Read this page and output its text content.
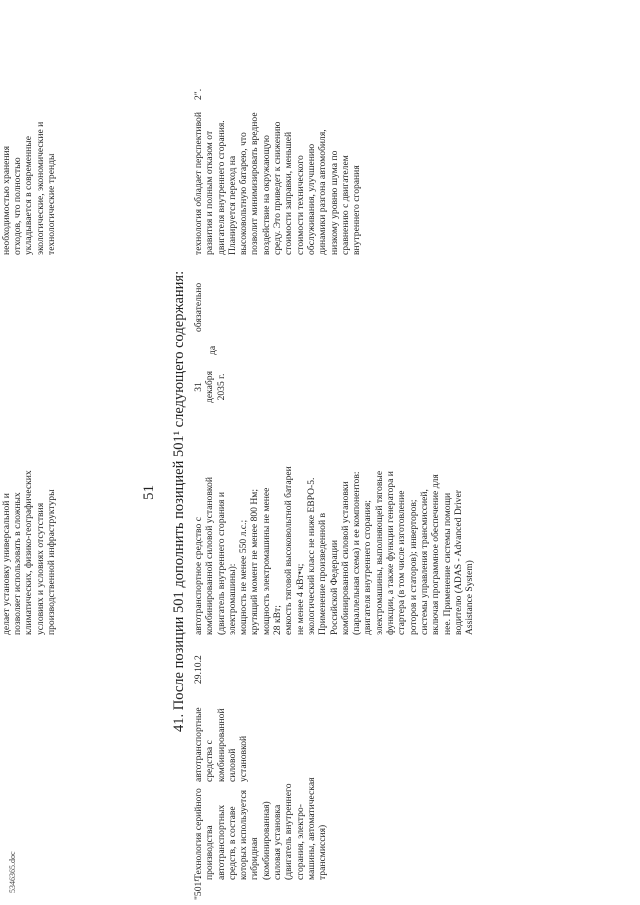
51
делает установку универсальной и позволяет использовать в сложных климатических, физико-географических условиях и условиях отсутствия производственной инфраструктуры
необходимостью хранения отходов, что полностью укладывается в современные экологические, экономические и технологические тренды
41. После позиции 501 дополнить позицией 501¹ следующего содержания:
"501¹.
Технология серийного производства автотранспортных средств, в составе которых используется гибридная (комбинированная) силовая установка (двигатель внутреннего сгорания, электро- машины, автоматическая трансмиссия)
автотранспортные средства с комбинированной силовой установкой
29.10.2
автотранспортное средство с комбинированной силовой установкой (двигатель внутреннего сгорания и электромашины): мощность не менее 550 л.с.; крутящий момент не менее 800 Нм; мощность электромашины не менее 28 кВт; емкость тяговой высоковольтной батареи не менее 4 кВт•ч; экологический класс не ниже ЕВРО-5. Применение произведенной в Российской Федерации комбинированной силовой установки (параллельная схема) и ее компонентов: двигателя внутреннего сгорания; электромашины, выполняющей тяговые функции, а также функции генератора и стартера (в том числе изготовление роторов и статоров); инверторов; системы управления трансмиссией, включая программное обеспечение для нее. Применение системы помощи водителю (ADAS - Advanced Driver Assistance System)
31 декабря 2035 г.
да
обязательно
технология обладает перспективой развития и полным отказом от двигателя внутреннего сгорания. Планируется переход на высоковольтную батарею, что позволит минимизировать вредное воздействие на окружающую среду. Это приведет к снижению стоимости заправки, меньшей стоимости технического обслуживания, улучшению динамики разгона автомобиля, низкому уровню шума по сравнению с двигателем внутреннего сгорания
2".
5346365.doc
